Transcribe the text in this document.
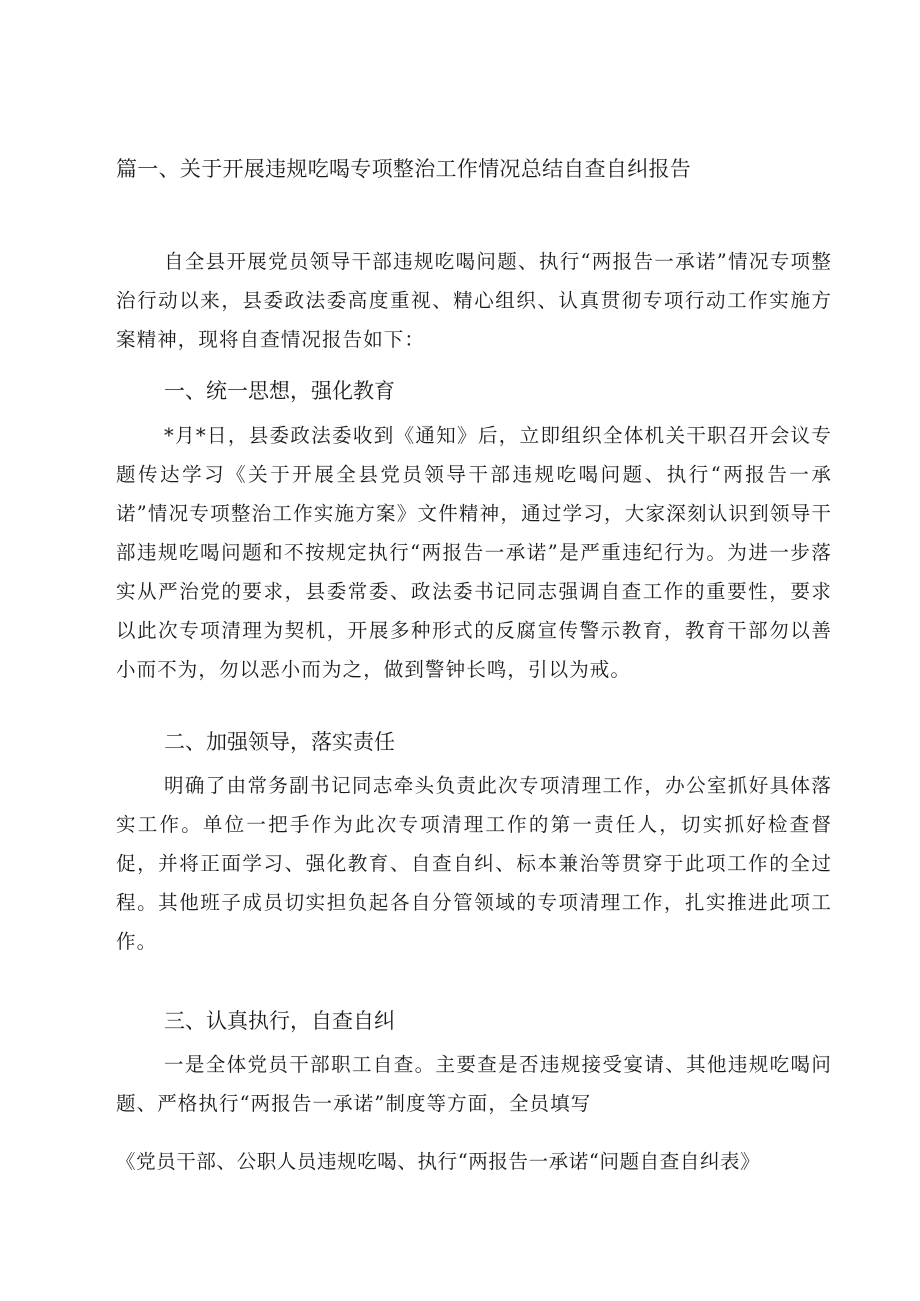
篇一、关于开展违规吃喝专项整治工作情况总结自查自纠报告

自全县开展党员领导干部违规吃喝问题、执行“两报告一承诺”情况专项整治行动以来，县委政法委高度重视、精心组织、认真贯彻专项行动工作实施方案精神，现将自查情况报告如下：

一、统一思想，强化教育

*月*日，县委政法委收到《通知》后，立即组织全体机关干职召开会议专题传达学习《关于开展全县党员领导干部违规吃喝问题、执行“两报告一承诺”情况专项整治工作实施方案》文件精神，通过学习，大家深刻认识到领导干部违规吃喝问题和不按规定执行“两报告一承诺”是严重违纪行为。为进一步落实从严治党的要求，县委常委、政法委书记同志强调自查工作的重要性，要求以此次专项清理为契机，开展多种形式的反腐宣传警示教育，教育干部勿以善小而不为，勿以恶小而为之，做到警钟长鸣，引以为戒。

二、加强领导，落实责任

明确了由常务副书记同志牵头负责此次专项清理工作，办公室抓好具体落实工作。单位一把手作为此次专项清理工作的第一责任人，切实抓好检查督促，并将正面学习、强化教育、自查自纠、标本兼治等贯穿于此项工作的全过程。其他班子成员切实担负起各自分管领域的专项清理工作，扎实推进此项工作。

三、认真执行，自查自纠

一是全体党员干部职工自查。主要查是否违规接受宴请、其他违规吃喝问题、严格执行“两报告一承诺”制度等方面，全员填写

《党员干部、公职人员违规吃喝、执行“两报告一承诺“问题自查自纠表》
